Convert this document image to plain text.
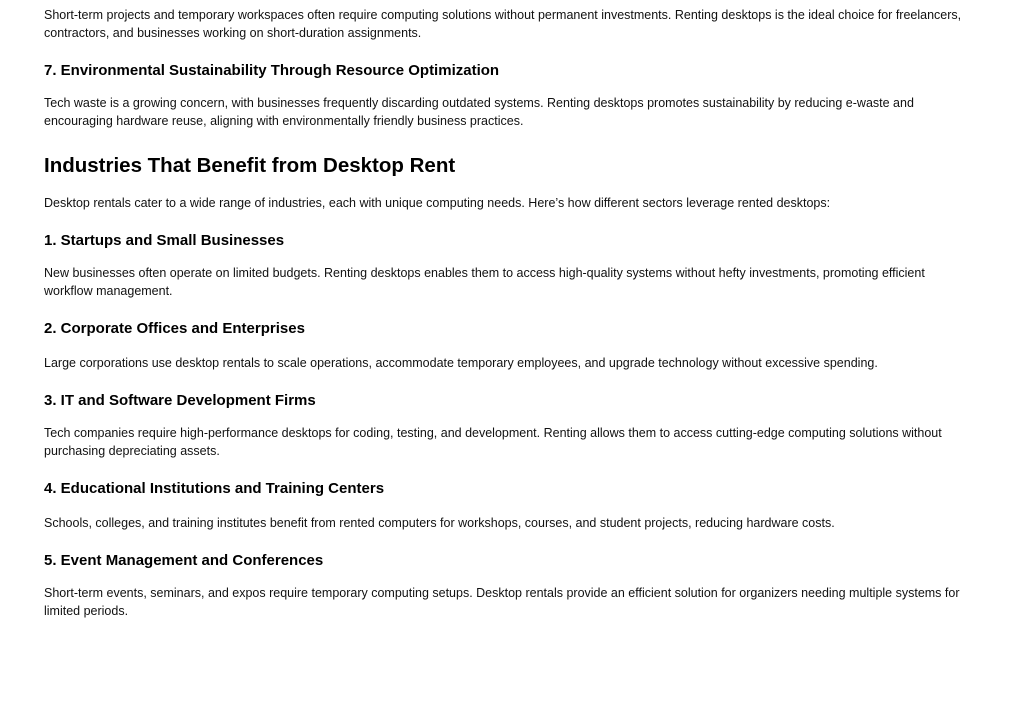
Short-term projects and temporary workspaces often require computing solutions without permanent investments. Renting desktops is the ideal choice for freelancers, contractors, and businesses working on short-duration assignments.

7. Environmental Sustainability Through Resource Optimization

Tech waste is a growing concern, with businesses frequently discarding outdated systems. Renting desktops promotes sustainability by reducing e-waste and encouraging hardware reuse, aligning with environmentally friendly business practices.

Industries That Benefit from Desktop Rent

Desktop rentals cater to a wide range of industries, each with unique computing needs. Here’s how different sectors leverage rented desktops:

1. Startups and Small Businesses

New businesses often operate on limited budgets. Renting desktops enables them to access high-quality systems without hefty investments, promoting efficient workflow management.

2. Corporate Offices and Enterprises

Large corporations use desktop rentals to scale operations, accommodate temporary employees, and upgrade technology without excessive spending.

3. IT and Software Development Firms

Tech companies require high-performance desktops for coding, testing, and development. Renting allows them to access cutting-edge computing solutions without purchasing depreciating assets.

4. Educational Institutions and Training Centers

Schools, colleges, and training institutes benefit from rented computers for workshops, courses, and student projects, reducing hardware costs.

5. Event Management and Conferences

Short-term events, seminars, and expos require temporary computing setups. Desktop rentals provide an efficient solution for organizers needing multiple systems for limited periods.
